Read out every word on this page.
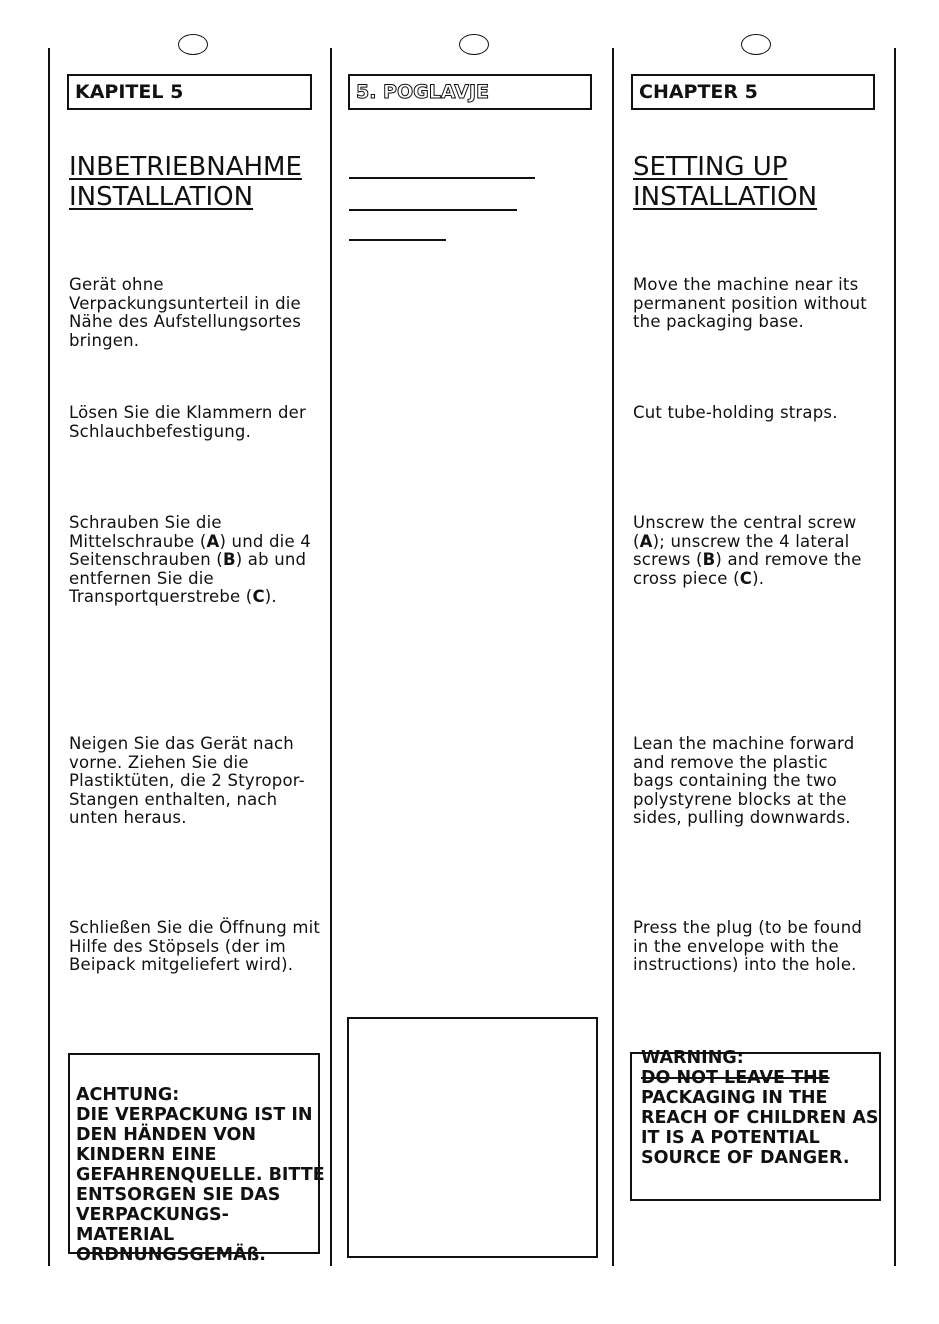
KAPITEL 5	5. POGLAVJE	CHAPTER 5
INBETRIEBNAHME
INSTALLATION
SETTING UP
INSTALLATION

Gerät ohne
Verpackungsunterteil in die
Nähe des Aufstellungsortes
bringen.

Lösen Sie die Klammern der
Schlauchbefestigung.

Schrauben Sie die
Mittelschraube (A) und die 4
Seitenschrauben (B) ab und
entfernen Sie die
Transportquerstrebe (C).

Neigen Sie das Gerät nach
vorne. Ziehen Sie die
Plastiktüten, die 2 Styropor-
Stangen enthalten, nach
unten heraus.

Schließen Sie die Öffnung mit
Hilfe des Stöpsels (der im
Beipack mitgeliefert wird).

Move the machine near its
permanent position without
the packaging base.

Cut tube-holding straps.

Unscrew the central screw
(A); unscrew the 4 lateral
screws (B) and remove the
cross piece (C).

Lean the machine forward
and remove the plastic
bags containing the two
polystyrene blocks at the
sides, pulling downwards.

Press the plug (to be found
in the envelope with the
instructions) into the hole.

ACHTUNG:
DIE VERPACKUNG IST IN
DEN HÄNDEN VON
KINDERN EINE
GEFAHRENQUELLE. BITTE
ENTSORGEN SIE DAS
VERPACKUNGS-
MATERIAL
ORDNUNGSGEMÄß.

WARNING:
DO NOT LEAVE THE
PACKAGING IN THE
REACH OF CHILDREN AS
IT IS A POTENTIAL
SOURCE OF DANGER.
